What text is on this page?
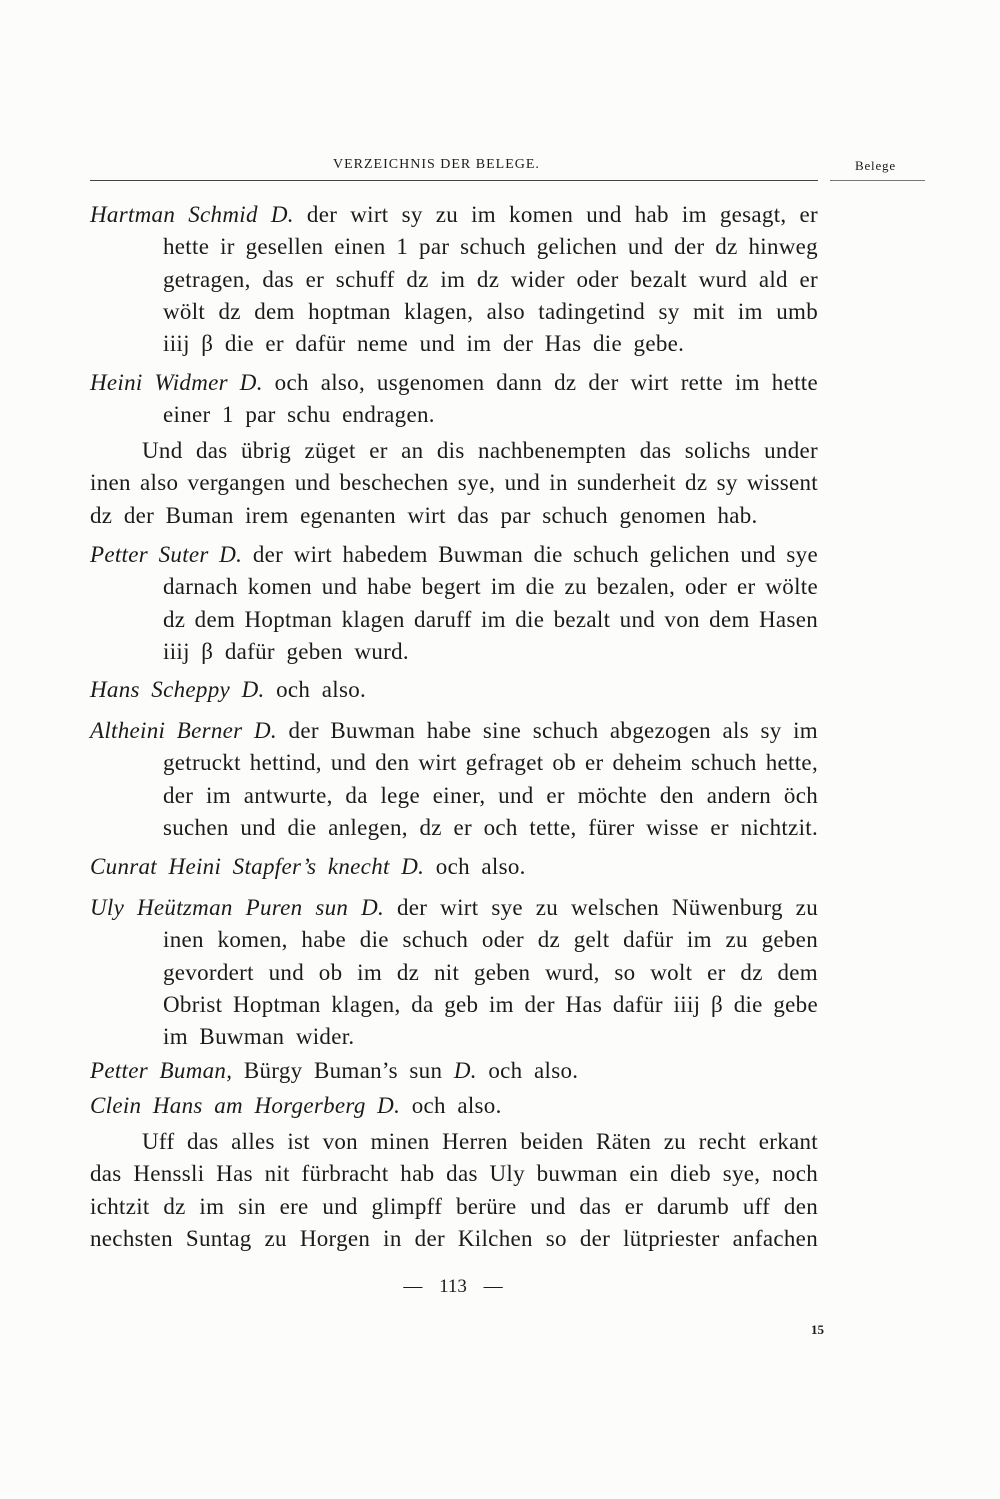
VERZEICHNIS DER BELEGE.	Belege
Hartman Schmid D. der wirt sy zu im komen und hab im gesagt, er
hette ir gesellen einen 1 par schuch gelichen und der dz hinweg
getragen, das er schuff dz im dz wider oder bezalt wurd ald er
wölt dz dem hoptman klagen, also tadingetind sy mit im umb
iiij β die er dafür neme und im der Has die gebe.
Heini Widmer D. och also, usgenomen dann dz der wirt rette im hette
einer 1 par schu endragen.
Und das übrig züget er an dis nachbenempten das solichs under
inen also vergangen und beschechen sye, und in sunderheit dz sy wissent
dz der Buman irem egenanten wirt das par schuch genomen hab.
Petter Suter D. der wirt habedem Buwman die schuch gelichen und sye
darnach komen und habe begert im die zu bezalen, oder er wölte
dz dem Hoptman klagen daruff im die bezalt und von dem Hasen
iiij β dafür geben wurd.
Hans Scheppy D. och also.
Altheini Berner D. der Buwman habe sine schuch abgezogen als sy im
getruckt hettind, und den wirt gefraget ob er deheim schuch hette,
der im antwurte, da lege einer, und er möchte den andern öch
suchen und die anlegen, dz er och tette, fürer wisse er nichtzit.
Cunrat Heini Stapfer’s knecht D. och also.
Uly Heützman Puren sun D. der wirt sye zu welschen Nüwenburg zu
inen komen, habe die schuch oder dz gelt dafür im zu geben
gevordert und ob im dz nit geben wurd, so wolt er dz dem
Obrist Hoptman klagen, da geb im der Has dafür iiij β die gebe
im Buwman wider.
Petter Buman, Bürgy Buman’s sun D. och also.
Clein Hans am Horgerberg D. och also.
Uff das alles ist von minen Herren beiden Räten zu recht erkant
das Henssli Has nit fürbracht hab das Uly buwman ein dieb sye, noch
ichtzit dz im sin ere und glimpff berüre und das er darumb uff den
nechsten Suntag zu Horgen in der Kilchen so der lütpriester anfachen
— 113 —
15
